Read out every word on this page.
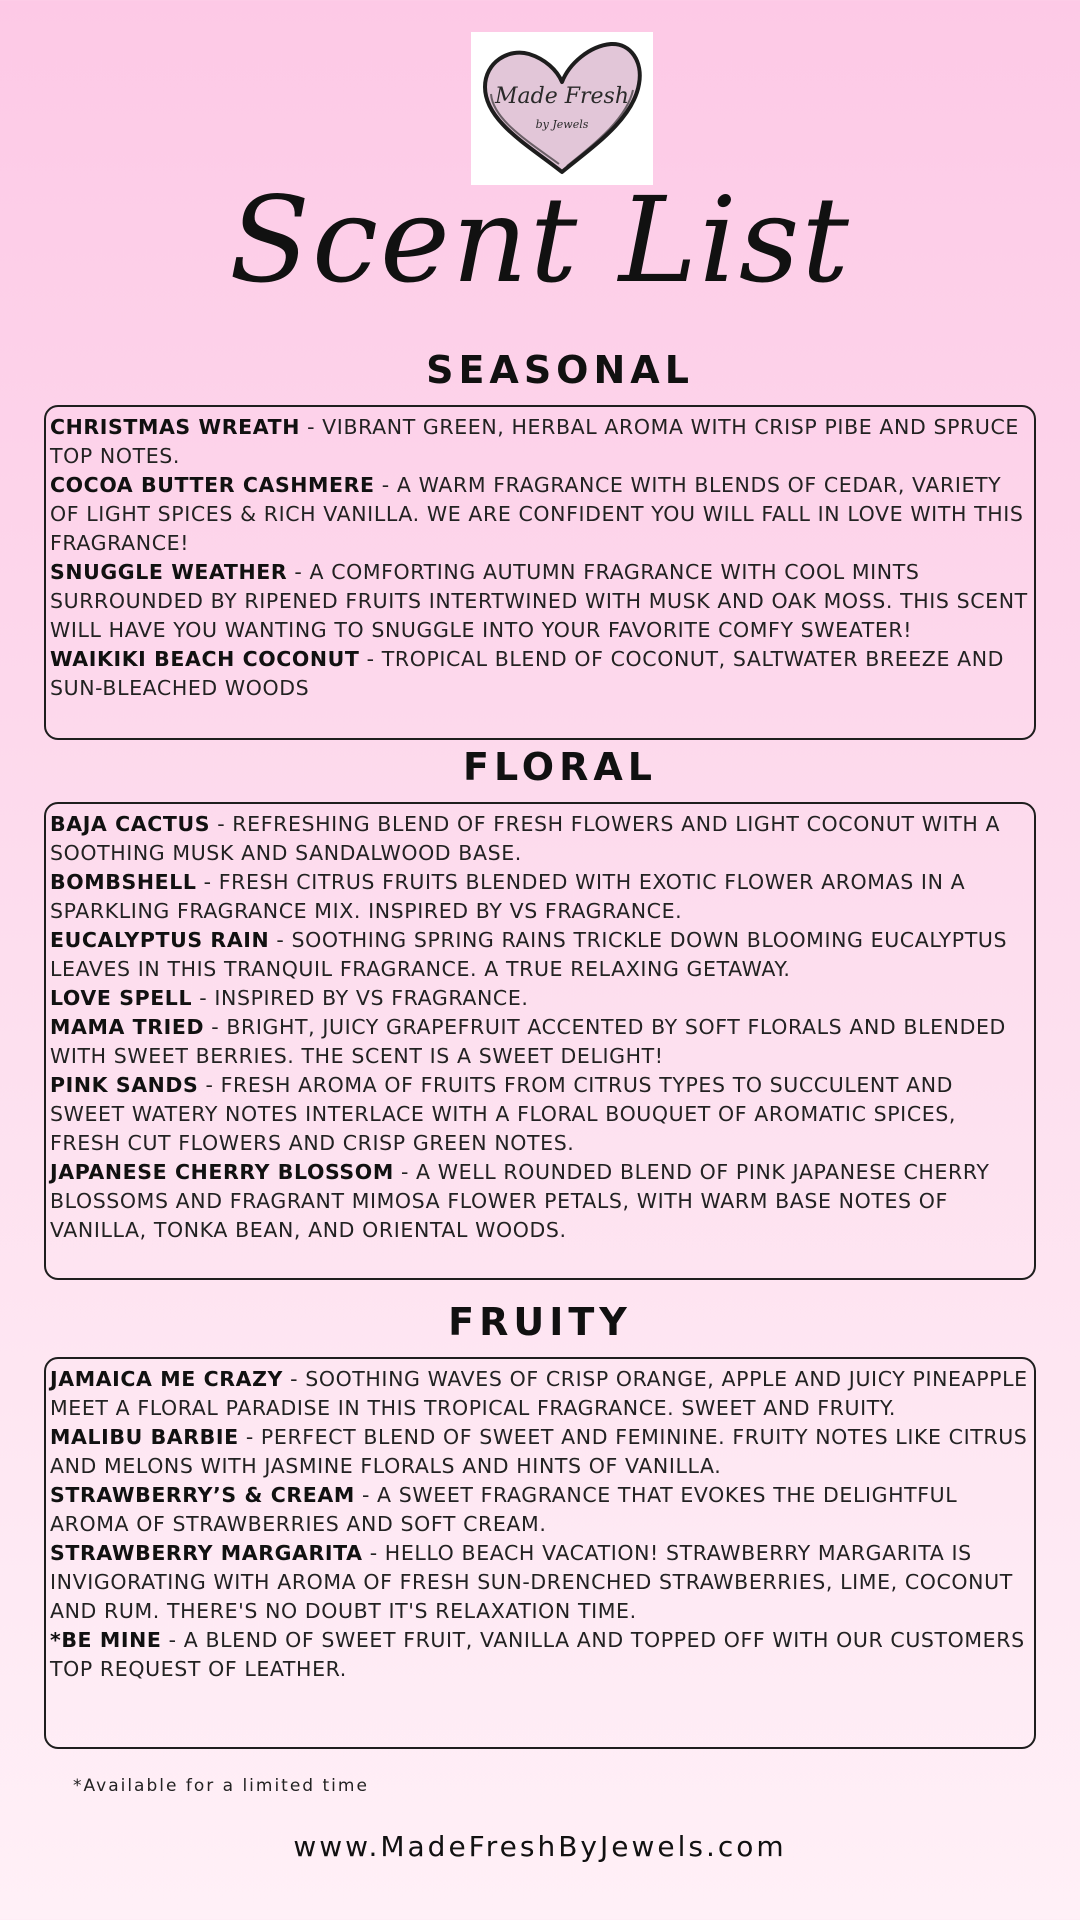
Made Fresh
by Jewels
Scent List
SEASONAL
CHRISTMAS WREATH - VIBRANT GREEN, HERBAL AROMA WITH CRISP PIBE AND SPRUCE TOP NOTES.
COCOA BUTTER CASHMERE - A WARM FRAGRANCE WITH BLENDS OF CEDAR, VARIETY OF LIGHT SPICES & RICH VANILLA. WE ARE CONFIDENT YOU WILL FALL IN LOVE WITH THIS FRAGRANCE!
SNUGGLE WEATHER - A COMFORTING AUTUMN FRAGRANCE WITH COOL MINTS SURROUNDED BY RIPENED FRUITS INTERTWINED WITH MUSK AND OAK MOSS. THIS SCENT WILL HAVE YOU WANTING TO SNUGGLE INTO YOUR FAVORITE COMFY SWEATER!
WAIKIKI BEACH COCONUT - TROPICAL BLEND OF COCONUT, SALTWATER BREEZE AND SUN-BLEACHED WOODS
FLORAL
BAJA CACTUS - REFRESHING BLEND OF FRESH FLOWERS AND LIGHT COCONUT WITH A SOOTHING MUSK AND SANDALWOOD BASE.
BOMBSHELL - FRESH CITRUS FRUITS BLENDED WITH EXOTIC FLOWER AROMAS IN A SPARKLING FRAGRANCE MIX. INSPIRED BY VS FRAGRANCE.
EUCALYPTUS RAIN - SOOTHING SPRING RAINS TRICKLE DOWN BLOOMING EUCALYPTUS LEAVES IN THIS TRANQUIL FRAGRANCE. A TRUE RELAXING GETAWAY.
LOVE SPELL - INSPIRED BY VS FRAGRANCE.
MAMA TRIED - BRIGHT, JUICY GRAPEFRUIT ACCENTED BY SOFT FLORALS AND BLENDED WITH SWEET BERRIES. THE SCENT IS A SWEET DELIGHT!
PINK SANDS - FRESH AROMA OF FRUITS FROM CITRUS TYPES TO SUCCULENT AND SWEET WATERY NOTES INTERLACE WITH A FLORAL BOUQUET OF AROMATIC SPICES, FRESH CUT FLOWERS AND CRISP GREEN NOTES.
JAPANESE CHERRY BLOSSOM - A WELL ROUNDED BLEND OF PINK JAPANESE CHERRY BLOSSOMS AND FRAGRANT MIMOSA FLOWER PETALS, WITH WARM BASE NOTES OF VANILLA, TONKA BEAN, AND ORIENTAL WOODS.
FRUITY
JAMAICA ME CRAZY - SOOTHING WAVES OF CRISP ORANGE, APPLE AND JUICY PINEAPPLE MEET A FLORAL PARADISE IN THIS TROPICAL FRAGRANCE. SWEET AND FRUITY.
MALIBU BARBIE - PERFECT BLEND OF SWEET AND FEMININE. FRUITY NOTES LIKE CITRUS AND MELONS WITH JASMINE FLORALS AND HINTS OF VANILLA.
STRAWBERRY’S & CREAM - A SWEET FRAGRANCE THAT EVOKES THE DELIGHTFUL AROMA OF STRAWBERRIES AND SOFT CREAM.
STRAWBERRY MARGARITA - HELLO BEACH VACATION! STRAWBERRY MARGARITA IS INVIGORATING WITH AROMA OF FRESH SUN-DRENCHED STRAWBERRIES, LIME, COCONUT AND RUM. THERE'S NO DOUBT IT'S RELAXATION TIME.
*BE MINE - A BLEND OF SWEET FRUIT, VANILLA AND TOPPED OFF WITH OUR CUSTOMERS TOP REQUEST OF LEATHER.
*Available for a limited time
www.MadeFreshByJewels.com
